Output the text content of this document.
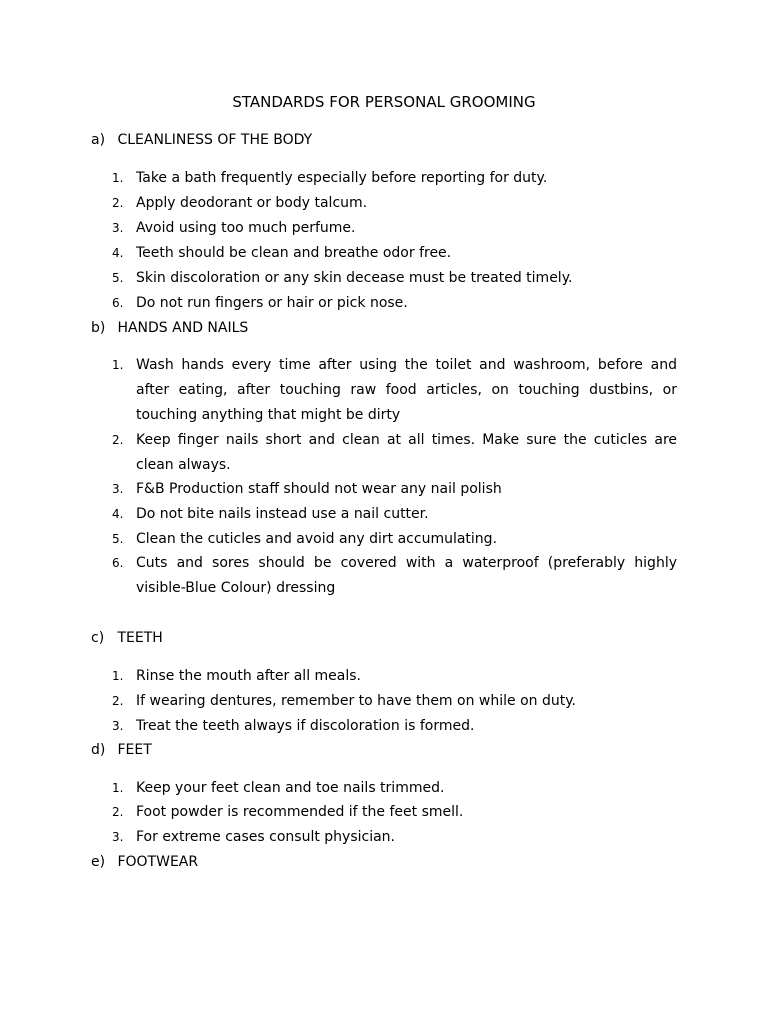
STANDARDS FOR PERSONAL GROOMING
a) CLEANLINESS OF THE BODY
1. Take a bath frequently especially before reporting for duty.
2. Apply deodorant or body talcum.
3. Avoid using too much perfume.
4. Teeth should be clean and breathe odor free.
5. Skin discoloration or any skin decease must be treated timely.
6. Do not run fingers or hair or pick nose.
b) HANDS AND NAILS
1. Wash hands every time after using the toilet and washroom, before and after eating, after touching raw food articles, on touching dustbins, or touching anything that might be dirty
2. Keep finger nails short and clean at all times. Make sure the cuticles are clean always.
3. F&B Production staff should not wear any nail polish
4. Do not bite nails instead use a nail cutter.
5. Clean the cuticles and avoid any dirt accumulating.
6. Cuts and sores should be covered with a waterproof (preferably highly visible-Blue Colour) dressing
c) TEETH
1. Rinse the mouth after all meals.
2. If wearing dentures, remember to have them on while on duty.
3. Treat the teeth always if discoloration is formed.
d) FEET
1. Keep your feet clean and toe nails trimmed.
2. Foot powder is recommended if the feet smell.
3. For extreme cases consult physician.
e) FOOTWEAR
